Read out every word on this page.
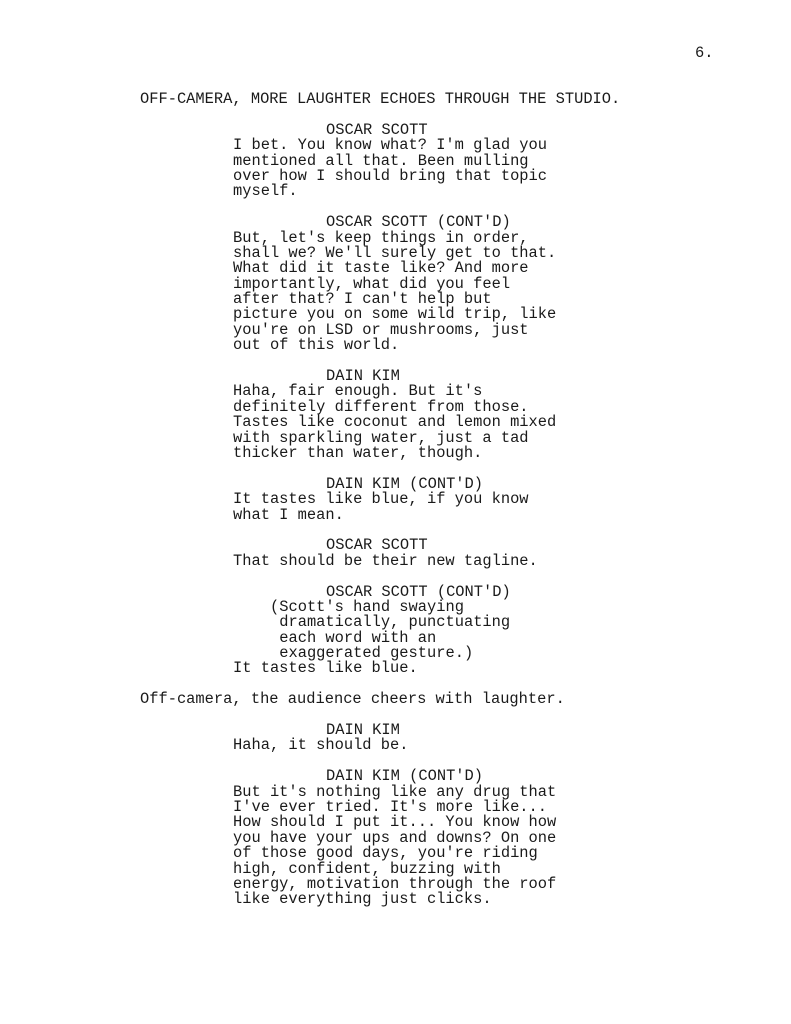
6.
OFF-CAMERA, MORE LAUGHTER ECHOES THROUGH THE STUDIO.
OSCAR SCOTT
I bet. You know what? I'm glad you
mentioned all that. Been mulling
over how I should bring that topic
myself.
OSCAR SCOTT (CONT'D)
But, let's keep things in order,
shall we? We'll surely get to that.
What did it taste like? And more
importantly, what did you feel
after that? I can't help but
picture you on some wild trip, like
you're on LSD or mushrooms, just
out of this world.
DAIN KIM
Haha, fair enough. But it's
definitely different from those.
Tastes like coconut and lemon mixed
with sparkling water, just a tad
thicker than water, though.
DAIN KIM (CONT'D)
It tastes like blue, if you know
what I mean.
OSCAR SCOTT
That should be their new tagline.
OSCAR SCOTT (CONT'D)
(Scott's hand swaying
dramatically, punctuating
each word with an
exaggerated gesture.)
It tastes like blue.
Off-camera, the audience cheers with laughter.
DAIN KIM
Haha, it should be.
DAIN KIM (CONT'D)
But it's nothing like any drug that
I've ever tried. It's more like...
How should I put it... You know how
you have your ups and downs? On one
of those good days, you're riding
high, confident, buzzing with
energy, motivation through the roof
like everything just clicks.
